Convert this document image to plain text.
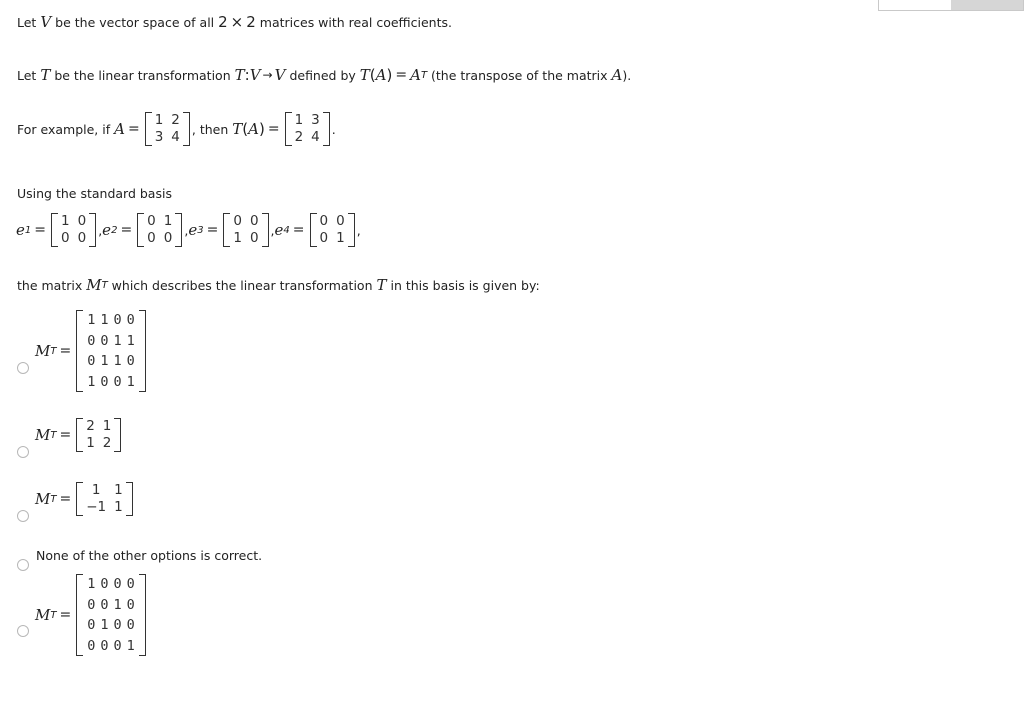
Let
V
be the vector space of all
2 × 2
matrices with real coefficients.
Let
T
be the linear transformation
T : V → V
defined by
T ( A ) = A T
(the transpose of the matrix
A ).
For example, if
A =
1 2
3 4 , then
T ( A ) =
1 3
2 4 .
Using the standard basis
e 1 =
1 0
0 0 , e 2 =
0 1
0 0 , e 3 =
0 0
1 0 , e 4 =
0 0
0 1 ,
the matrix
M T
which describes the linear transformation
T
in this basis is given by:
M T =
1 1 0 0
0 0 1 1
0 1 1 0
1 0 0 1
M T =
2 1
1 2
M T =
1	1
−1 1
None of the other options is correct.
M T =
1 0 0 0
0 0 1 0
0 1 0 0
0 0 0 1
